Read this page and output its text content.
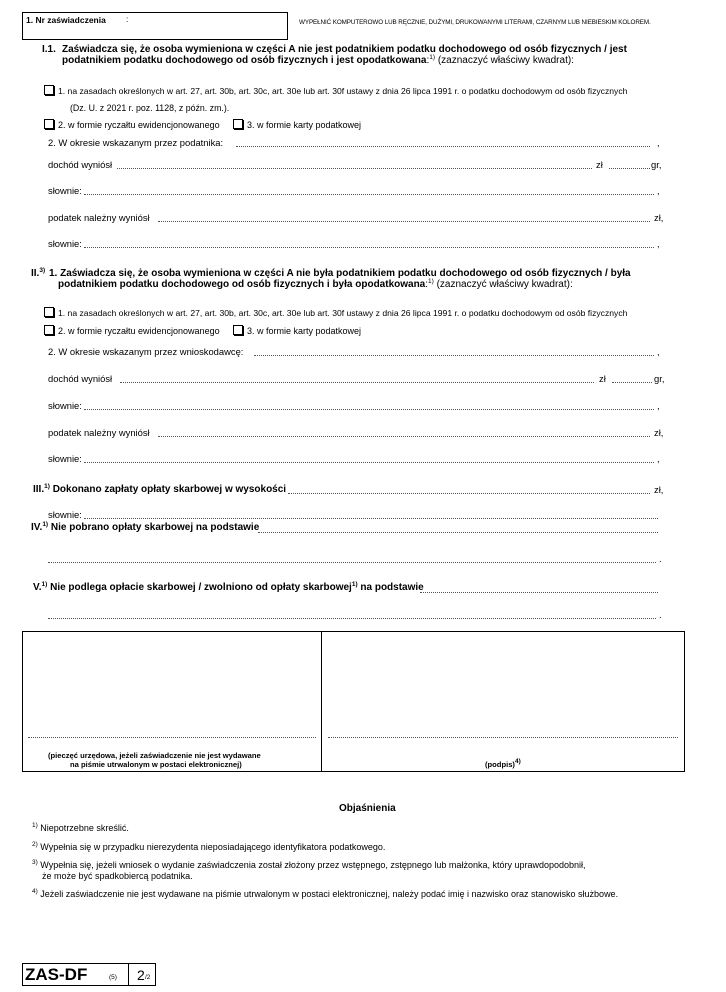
1. Nr zaświadczenia :	WYPEŁNIĆ KOMPUTEROWO LUB RĘCZNIE, DUŻYMI, DRUKOWANYMI LITERAMI, CZARNYM LUB NIEBIESKIM KOLOREM.
I.1. Zaświadcza się, że osoba wymieniona w części A nie jest podatnikiem podatku dochodowego od osób fizycznych / jest
podatnikiem podatku dochodowego od osób fizycznych i jest opodatkowana:$^{1)}$ (zaznaczyć właściwy kwadrat):
1. na zasadach określonych w art. 27, art. 30b, art. 30c, art. 30e lub art. 30f ustawy z dnia 26 lipca 1991 r. o podatku dochodowym od osób fizycznych
(Dz. U. z 2021 r. poz. 1128, z późn. zm.).
2. w formie ryczałtu ewidencjonowanego	3. w formie karty podatkowej
2. W okresie wskazanym przez podatnika:	,
dochód wyniósł	zł	gr,
słownie:	,
podatek należny wyniósł	zł,
słownie:	,
II.$^{3)}$ 1. Zaświadcza się, że osoba wymieniona w części A nie była podatnikiem podatku dochodowego od osób fizycznych / była
podatnikiem podatku dochodowego od osób fizycznych i była opodatkowana:$^{1)}$ (zaznaczyć właściwy kwadrat):
1. na zasadach określonych w art. 27, art. 30b, art. 30c, art. 30e lub art. 30f ustawy z dnia 26 lipca 1991 r. o podatku dochodowym od osób fizycznych
2. w formie ryczałtu ewidencjonowanego	3. w formie karty podatkowej
2. W okresie wskazanym przez wnioskodawcę:	,
dochód wyniósł	zł	gr,
słownie:	,
podatek należny wyniósł	zł,
słownie:	,
III.$^{1)}$ Dokonano zapłaty opłaty skarbowej w wysokości	zł,
słownie:
IV.$^{1)}$ Nie pobrano opłaty skarbowej na podstawie
.
V.$^{1)}$ Nie podlega opłacie skarbowej / zwolniono od opłaty skarbowej$^{1)}$ na podstawie
.
(pieczęć urzędowa, jeżeli zaświadczenie nie jest wydawane
na piśmie utrwalonym w postaci elektronicznej)	(podpis)$^{4)}$
Objaśnienia
$^{1)}$ Niepotrzebne skreślić.
$^{2)}$ Wypełnia się w przypadku nierezydenta nieposiadającego identyfikatora podatkowego.
$^{3)}$ Wypełnia się, jeżeli wniosek o wydanie zaświadczenia został złożony przez wstępnego, zstępnego lub małżonka, który uprawdopodobnił,
że może być spadkobiercą podatnika.
$^{4)}$ Jeżeli zaświadczenie nie jest wydawane na piśmie utrwalonym w postaci elektronicznej, należy podać imię i nazwisko oraz stanowisko służbowe.
ZAS-DF	(5) 2 /2
